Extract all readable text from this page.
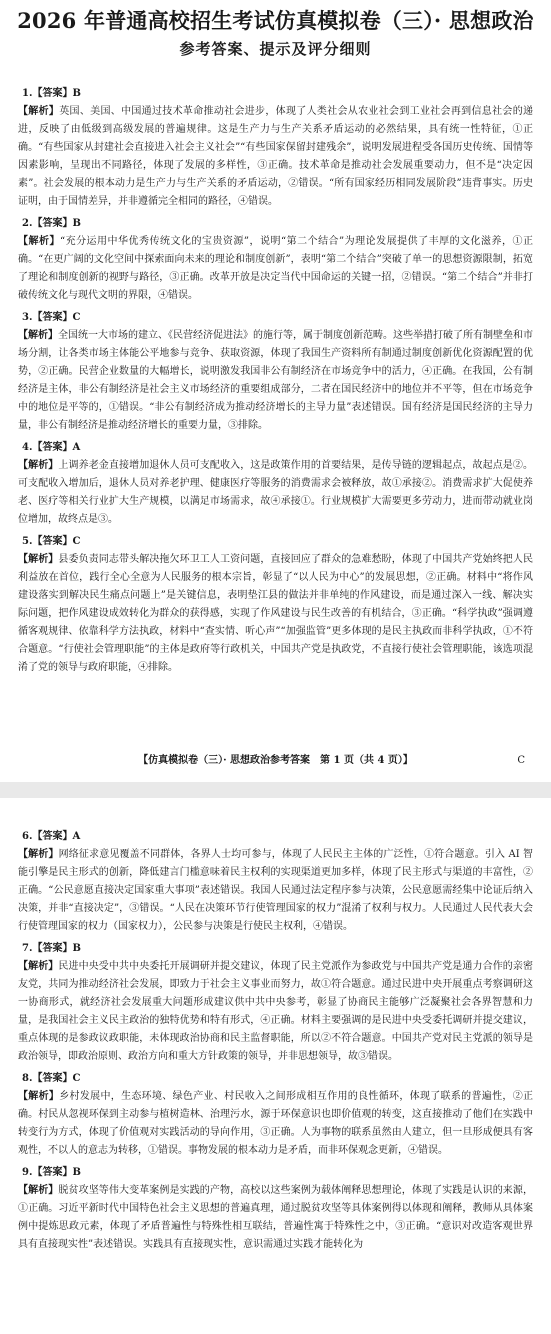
2026 年普通高校招生考试仿真模拟卷（三）· 思想政治
参考答案、提示及评分细则
1.【答案】B

【解析】英国、美国、中国通过技术革命推动社会进步，体现了人类社会从农业社会到工业社会再到信息社会的递进，反映了由低级到高级发展的普遍规律。这是生产力与生产关系矛盾运动的必然结果，具有统一性特征，①正确。“有些国家从封建社会直接进入社会主义社会”“有些国家保留封建残余”，说明发展进程受各国历史传统、国情等因素影响，呈现出不同路径，体现了发展的多样性，③正确。技术革命是推动社会发展重要动力，但不是“决定因素”。社会发展的根本动力是生产力与生产关系的矛盾运动，②错误。“所有国家经历相同发展阶段”违背事实。历史证明，由于国情差异，并非遵循完全相同的路径，④错误。

2.【答案】B

【解析】“充分运用中华优秀传统文化的宝贵资源”，说明“第二个结合”为理论发展提供了丰厚的文化滋养，①正确。“在更广阔的文化空间中探索面向未来的理论和制度创新”，表明“第二个结合”突破了单一的思想资源限制，拓宽了理论和制度创新的视野与路径，③正确。改革开放是决定当代中国命运的关键一招，②错误。“第二个结合”并非打破传统文化与现代文明的界限，④错误。

3.【答案】C

【解析】全国统一大市场的建立、《民营经济促进法》的施行等，属于制度创新范畴。这些举措打破了所有制壁垒和市场分割，让各类市场主体能公平地参与竞争、获取资源，体现了我国生产资料所有制通过制度创新优化资源配置的优势，②正确。民营企业数量的大幅增长，说明激发我国非公有制经济在市场竞争中的活力，④正确。在我国，公有制经济是主体，非公有制经济是社会主义市场经济的重要组成部分，二者在国民经济中的地位并不平等，但在市场竞争中的地位是平等的，①错误。“非公有制经济成为推动经济增长的主导力量”表述错误。国有经济是国民经济的主导力量，非公有制经济是推动经济增长的重要力量，③排除。

4.【答案】A

【解析】上调养老金直接增加退休人员可支配收入，这是政策作用的首要结果，是传导链的逻辑起点，故起点是②。可支配收入增加后，退休人员对养老护理、健康医疗等服务的消费需求会被释放，故①承接②。消费需求扩大促使养老、医疗等相关行业扩大生产规模，以满足市场需求，故④承接①。行业规模扩大需要更多劳动力，进而带动就业岗位增加，故终点是③。

5.【答案】C

【解析】县委负责同志带头解决拖欠环卫工人工资问题，直接回应了群众的急难愁盼，体现了中国共产党始终把人民利益放在首位，践行全心全意为人民服务的根本宗旨，彰显了“以人民为中心”的发展思想，②正确。材料中“将作风建设落实到解决民生痛点问题上”是关键信息，表明垫江县的做法并非单纯的作风建设，而是通过深入一线、解决实际问题，把作风建设成效转化为群众的获得感，实现了作风建设与民生改善的有机结合，③正确。“科学执政”强调遵循客观规律、依靠科学方法执政，材料中“查实情、听心声”“加强监管”更多体现的是民主执政而非科学执政，①不符合题意。“行使社会管理职能”的主体是政府等行政机关，中国共产党是执政党，不直接行使社会管理职能，该选项混淆了党的领导与政府职能，④排除。

【仿真模拟卷（三）· 思想政治参考答案　第 1 页（共 4 页）】	C
6.【答案】A

【解析】网络征求意见覆盖不同群体，各界人士均可参与，体现了人民民主主体的广泛性，①符合题意。引入 AI 智能引擎是民主形式的创新，降低建言门槛意味着民主权利的实现渠道更加多样，体现了民主形式与渠道的丰富性，②正确。“公民意愿直接决定国家重大事项”表述错误。我国人民通过法定程序参与决策，公民意愿需经集中论证后纳入决策，并非“直接决定”，③错误。“人民在决策环节行使管理国家的权力”混淆了权利与权力。人民通过人民代表大会行使管理国家的权力（国家权力），公民参与决策是行使民主权利，④错误。

7.【答案】B

【解析】民进中央受中共中央委托开展调研并提交建议，体现了民主党派作为参政党与中国共产党是通力合作的亲密友党，共同为推动经济社会发展，即致力于社会主义事业而努力，故①符合题意。通过民进中央开展重点考察调研这一协商形式，就经济社会发展重大问题形成建议供中共中央参考，彰显了协商民主能够广泛凝聚社会各界智慧和力量，是我国社会主义民主政治的独特优势和特有形式，④正确。材料主要强调的是民进中央受委托调研并提交建议，重点体现的是参政议政职能，未体现政治协商和民主监督职能，所以②不符合题意。中国共产党对民主党派的领导是政治领导，即政治原则、政治方向和重大方针政策的领导，并非思想领导，故③错误。

8.【答案】C

【解析】乡村发展中，生态环境、绿色产业、村民收入之间形成相互作用的良性循环，体现了联系的普遍性，②正确。村民从忽视环保到主动参与植树造林、治理污水，源于环保意识也即价值观的转变，这直接推动了他们在实践中转变行为方式，体现了价值观对实践活动的导向作用，③正确。人为事物的联系虽然由人建立，但一旦形成便具有客观性，不以人的意志为转移，①错误。事物发展的根本动力是矛盾，而非环保观念更新，④错误。

9.【答案】B

【解析】脱贫攻坚等伟大变革案例是实践的产物，高校以这些案例为载体阐释思想理论，体现了实践是认识的来源，①正确。习近平新时代中国特色社会主义思想的普遍真理，通过脱贫攻坚等具体案例得以体现和阐释，教师从具体案例中提炼思政元素，体现了矛盾普遍性与特殊性相互联结，普遍性寓于特殊性之中，③正确。“意识对改造客观世界具有直接现实性”表述错误。实践具有直接现实性，意识需通过实践才能转化为
